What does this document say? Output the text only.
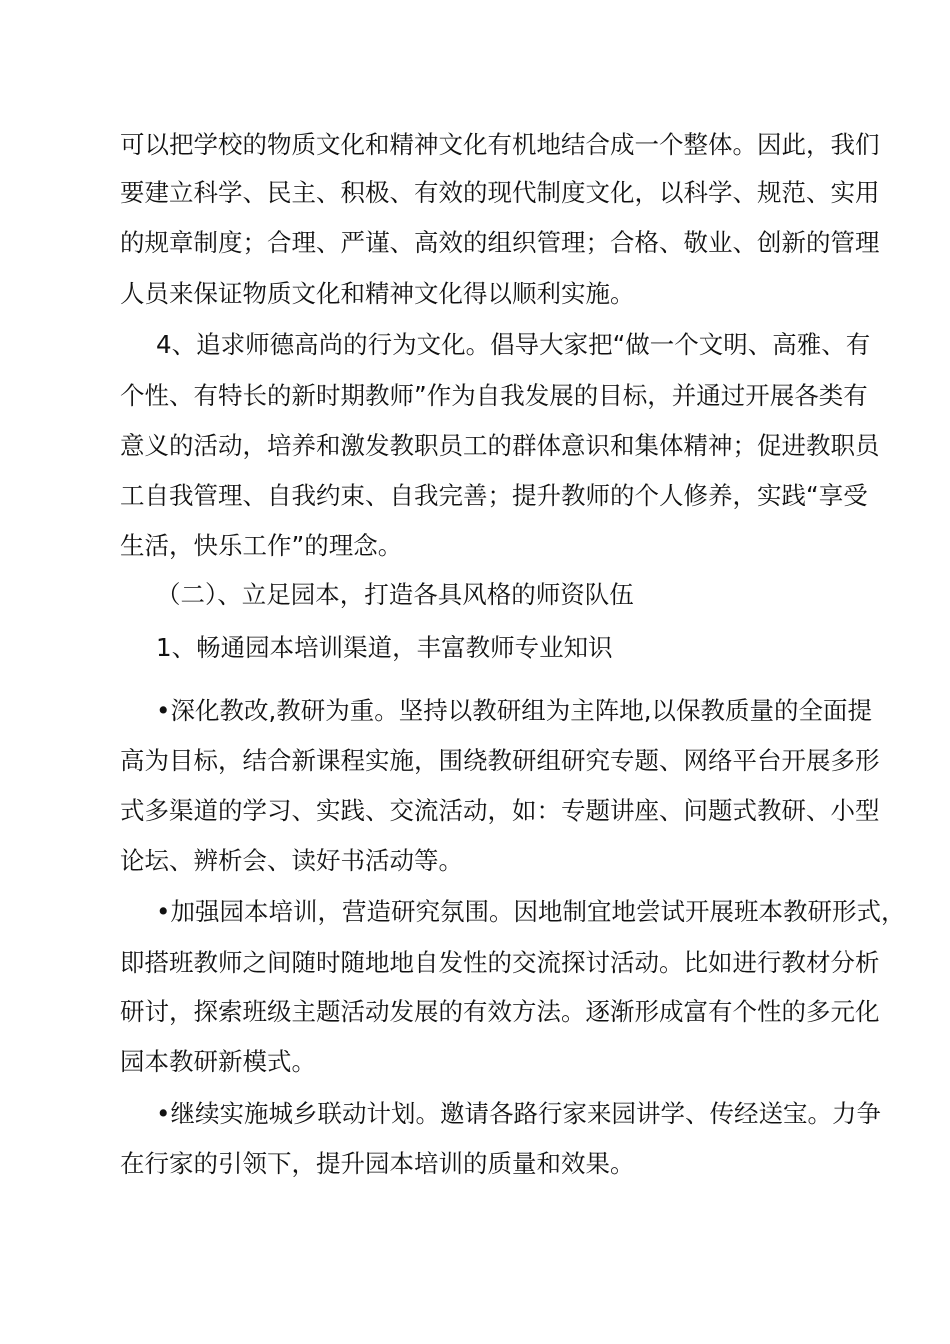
可以把学校的物质文化和精神文化有机地结合成一个整体。因此，我们
要建立科学、民主、积极、有效的现代制度文化，以科学、规范、实用
的规章制度；合理、严谨、高效的组织管理；合格、敬业、创新的管理
人员来保证物质文化和精神文化得以顺利实施。
4、追求师德高尚的行为文化。倡导大家把“做一个文明、高雅、有
个性、有特长的新时期教师”作为自我发展的目标，并通过开展各类有
意义的活动，培养和激发教职员工的群体意识和集体精神；促进教职员
工自我管理、自我约束、自我完善；提升教师的个人修养，实践“享受
生活，快乐工作”的理念。
（二）、立足园本，打造各具风格的师资队伍
1、畅通园本培训渠道，丰富教师专业知识
•深化教改,教研为重。坚持以教研组为主阵地,以保教质量的全面提
高为目标，结合新课程实施，围绕教研组研究专题、网络平台开展多形
式多渠道的学习、实践、交流活动，如：专题讲座、问题式教研、小型
论坛、辨析会、读好书活动等。
•加强园本培训，营造研究氛围。因地制宜地尝试开展班本教研形式，
即搭班教师之间随时随地地自发性的交流探讨活动。比如进行教材分析
研讨，探索班级主题活动发展的有效方法。逐渐形成富有个性的多元化
园本教研新模式。
•继续实施城乡联动计划。邀请各路行家来园讲学、传经送宝。力争
在行家的引领下，提升园本培训的质量和效果。
